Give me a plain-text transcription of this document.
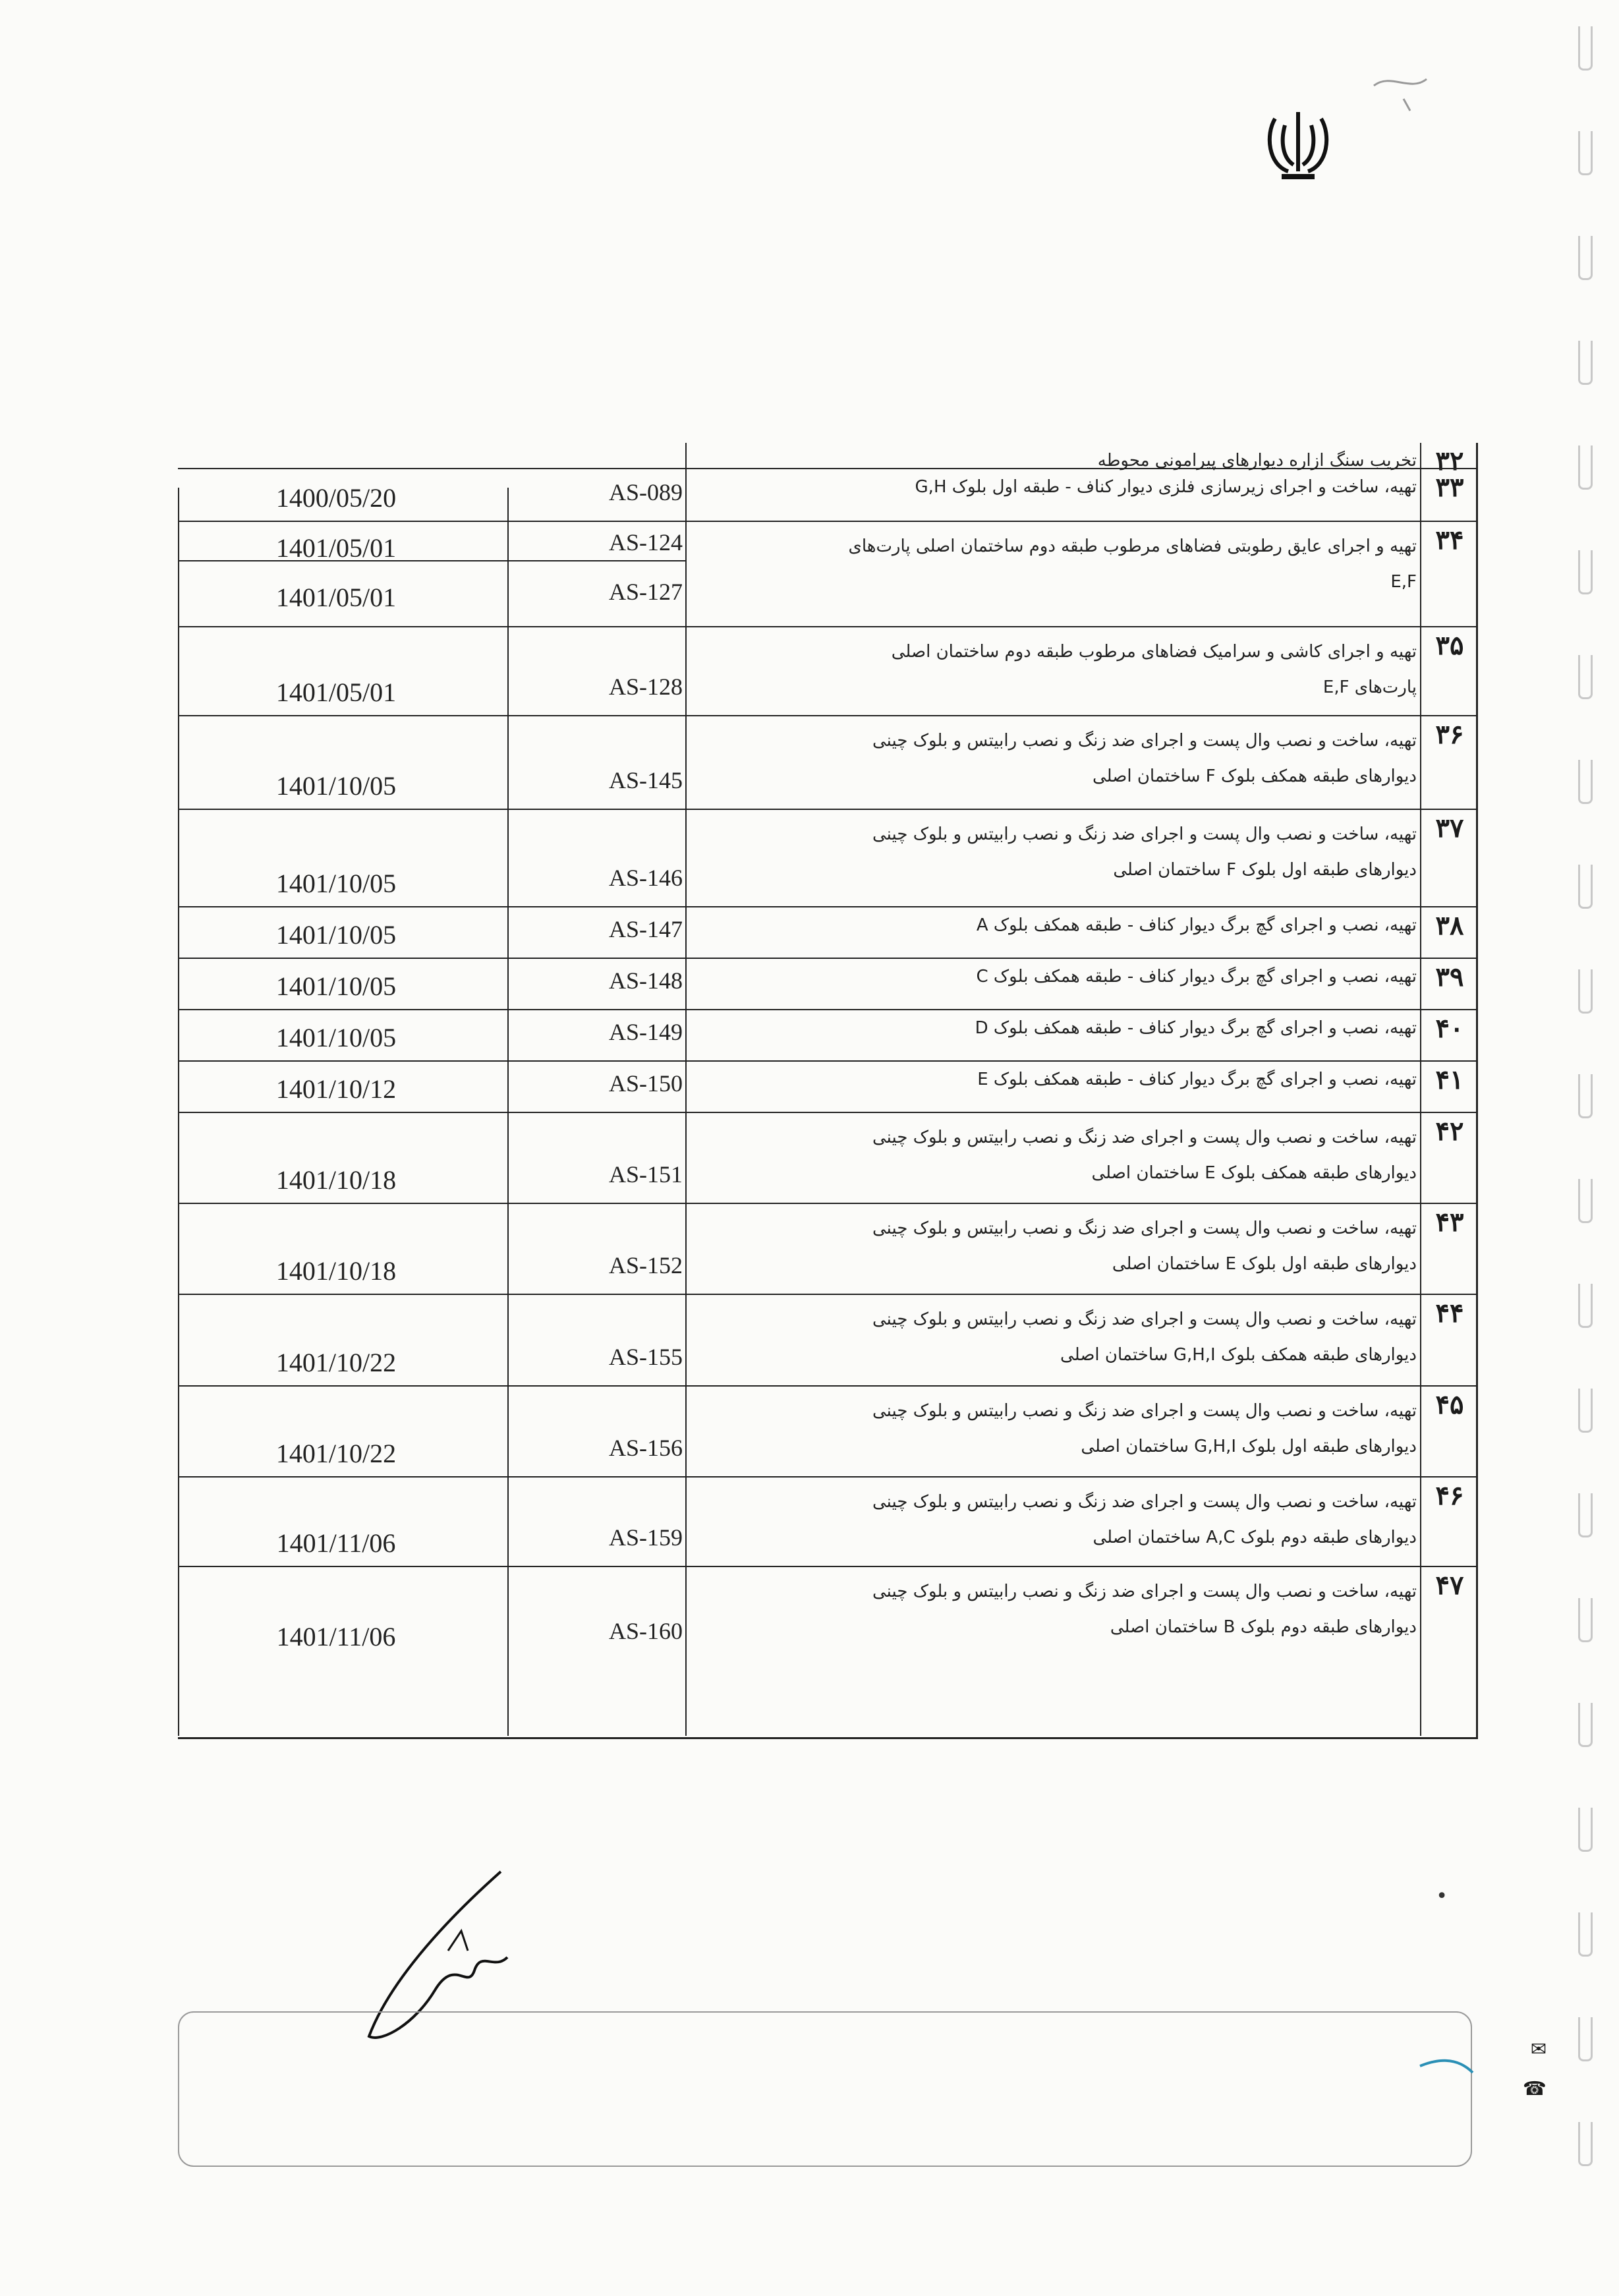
۳۲
تخریب سنگ ازاره دیوارهای پیرامونی محوطه
۳۳
تهیه، ساخت و اجرای زیرسازی فلزی دیوار کناف - طبقه اول بلوک G,H
AS-089
1400/05/20
۳۴
تهیه و اجرای عایق رطوبتی فضاهای مرطوب طبقه دوم ساختمان اصلی پارت‌های E,F
AS-124
1401/05/01
AS-127
1401/05/01
۳۵
تهیه و اجرای کاشی و سرامیک فضاهای مرطوب طبقه دوم ساختمان اصلی پارت‌های E,F
AS-128
1401/05/01
۳۶
تهیه، ساخت و نصب وال پست و اجرای ضد زنگ و نصب رابیتس و بلوک چینی دیوارهای طبقه همکف بلوک F ساختمان اصلی
AS-145
1401/10/05
۳۷
تهیه، ساخت و نصب وال پست و اجرای ضد زنگ و نصب رابیتس و بلوک چینی دیوارهای طبقه اول بلوک F ساختمان اصلی
AS-146
1401/10/05
۳۸
تهیه، نصب و اجرای گچ برگ دیوار کناف - طبقه همکف بلوک A
AS-147
1401/10/05
۳۹
تهیه، نصب و اجرای گچ برگ دیوار کناف - طبقه همکف بلوک C
AS-148
1401/10/05
۴۰
تهیه، نصب و اجرای گچ برگ دیوار کناف - طبقه همکف بلوک D
AS-149
1401/10/05
۴۱
تهیه، نصب و اجرای گچ برگ دیوار کناف - طبقه همکف بلوک E
AS-150
1401/10/12
۴۲
تهیه، ساخت و نصب وال پست و اجرای ضد زنگ و نصب رابیتس و بلوک چینی دیوارهای طبقه همکف بلوک E ساختمان اصلی
AS-151
1401/10/18
۴۳
تهیه، ساخت و نصب وال پست و اجرای ضد زنگ و نصب رابیتس و بلوک چینی دیوارهای طبقه اول بلوک E ساختمان اصلی
AS-152
1401/10/18
۴۴
تهیه، ساخت و نصب وال پست و اجرای ضد زنگ و نصب رابیتس و بلوک چینی دیوارهای طبقه همکف بلوک G,H,I ساختمان اصلی
AS-155
1401/10/22
۴۵
تهیه، ساخت و نصب وال پست و اجرای ضد زنگ و نصب رابیتس و بلوک چینی دیوارهای طبقه اول بلوک G,H,I ساختمان اصلی
AS-156
1401/10/22
۴۶
تهیه، ساخت و نصب وال پست و اجرای ضد زنگ و نصب رابیتس و بلوک چینی دیوارهای طبقه دوم بلوک A,C ساختمان اصلی
AS-159
1401/11/06
۴۷
تهیه، ساخت و نصب وال پست و اجرای ضد زنگ و نصب رابیتس و بلوک چینی دیوارهای طبقه دوم بلوک B ساختمان اصلی
AS-160
1401/11/06
•
✉
☎
